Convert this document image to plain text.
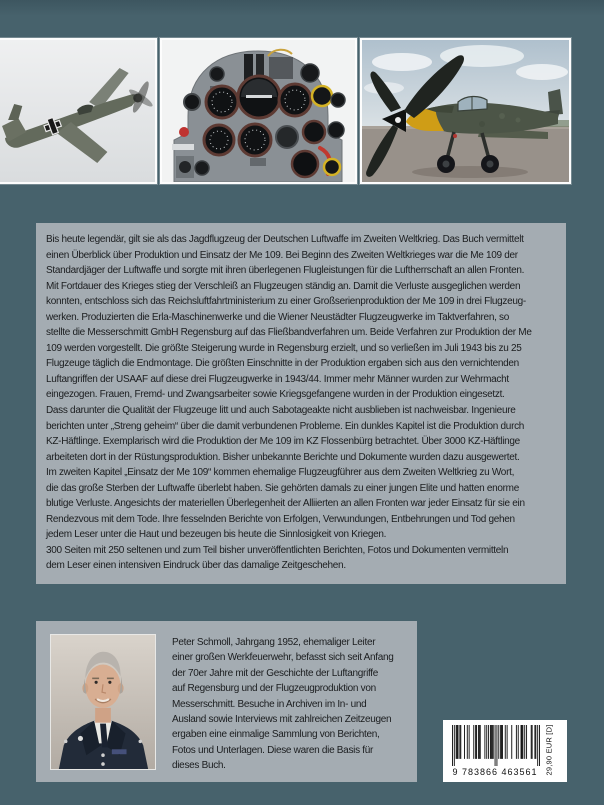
Bis heute legendär, gilt sie als das Jagdflugzeug der Deutschen Luftwaffe im Zweiten Weltkrieg. Das Buch vermittelt
einen Überblick über Produktion und Einsatz der Me 109. Bei Beginn des Zweiten Weltkrieges war die Me 109 der
Standardjäger der Luftwaffe und sorgte mit ihren überlegenen Flugleistungen für die Luftherrschaft an allen Fronten.
Mit Fortdauer des Krieges stieg der Verschleiß an Flugzeugen ständig an. Damit die Verluste ausgeglichen werden
konnten, entschloss sich das Reichsluftfahrtministerium zu einer Großserienproduktion der Me 109 in drei Flugzeug-
werken. Produzierten die Erla-Maschinenwerke und die Wiener Neustädter Flugzeugwerke im Taktverfahren, so
stellte die Messerschmitt GmbH Regensburg auf das Fließbandverfahren um. Beide Verfahren zur Produktion der Me
109 werden vorgestellt. Die größte Steigerung wurde in Regensburg erzielt, und so verließen im Juli 1943 bis zu 25
Flugzeuge täglich die Endmontage. Die größten Einschnitte in der Produktion ergaben sich aus den vernichtenden
Luftangriffen der USAAF auf diese drei Flugzeugwerke in 1943/44. Immer mehr Männer wurden zur Wehrmacht
eingezogen. Frauen, Fremd- und Zwangsarbeiter sowie Kriegsgefangene wurden in der Produktion eingesetzt.
Dass darunter die Qualität der Flugzeuge litt und auch Sabotageakte nicht ausblieben ist nachweisbar. Ingenieure
berichten unter „Streng geheim“ über die damit verbundenen Probleme. Ein dunkles Kapitel ist die Produktion durch
KZ-Häftlinge. Exemplarisch wird die Produktion der Me 109 im KZ Flossenbürg betrachtet. Über 3000 KZ-Häftlinge
arbeiteten dort in der Rüstungsproduktion. Bisher unbekannte Berichte und Dokumente wurden dazu ausgewertet.
Im zweiten Kapitel „Einsatz der Me 109“ kommen ehemalige Flugzeugführer aus dem Zweiten Weltkrieg zu Wort,
die das große Sterben der Luftwaffe überlebt haben. Sie gehörten damals zu einer jungen Elite und hatten enorme
blutige Verluste. Angesichts der materiellen Überlegenheit der Alliierten an allen Fronten war jeder Einsatz für sie ein
Rendezvous mit dem Tode. Ihre fesselnden Berichte von Erfolgen, Verwundungen, Entbehrungen und Tod gehen
jedem Leser unter die Haut und bezeugen bis heute die Sinnlosigkeit von Kriegen.
300 Seiten mit 250 seltenen und zum Teil bisher unveröffentlichten Berichten, Fotos und Dokumenten vermitteln
dem Leser einen intensiven Eindruck über das damalige Zeitgeschehen.
Peter Schmoll, Jahrgang 1952, ehemaliger Leiter
einer großen Werkfeuerwehr, befasst sich seit Anfang
der 70er Jahre mit der Geschichte der Luftangriffe
auf Regensburg und der Flugzeugproduktion von
Messerschmitt. Besuche in Archiven im In- und
Ausland sowie Interviews mit zahlreichen Zeitzeugen
ergaben eine einmalige Sammlung von Berichten,
Fotos und Unterlagen. Diese waren die Basis für
dieses Buch.
9 783866 463561 29,90 EUR [D]
